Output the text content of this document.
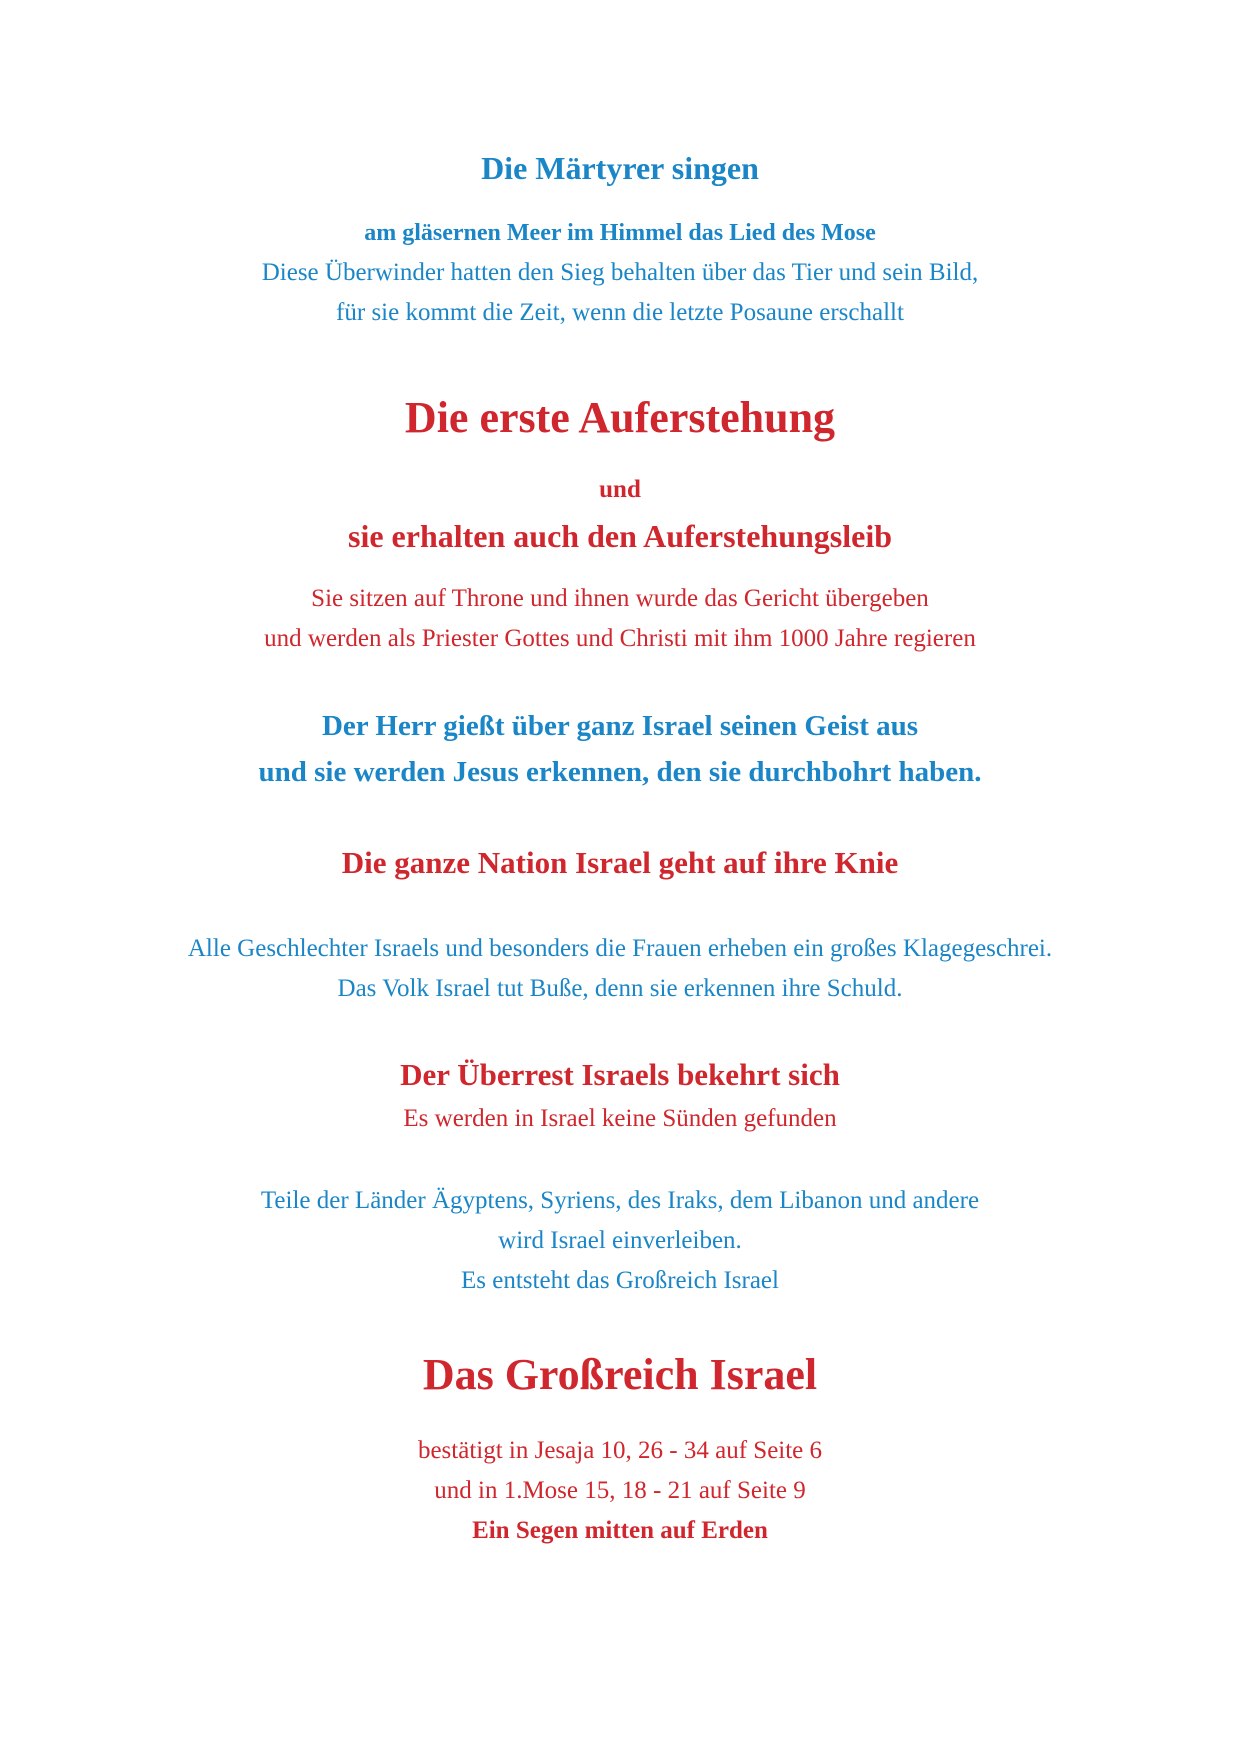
Die Märtyrer singen
am gläsernen Meer im Himmel das Lied des Mose
Diese Überwinder hatten den Sieg behalten über das Tier und sein Bild,
für sie kommt die Zeit, wenn die letzte Posaune erschallt
Die erste Auferstehung
und
sie erhalten auch den Auferstehungsleib
Sie sitzen auf Throne und ihnen wurde das Gericht übergeben
und werden als Priester Gottes und Christi mit ihm 1000 Jahre regieren
Der Herr gießt über ganz Israel seinen Geist aus
und sie werden Jesus erkennen, den sie durchbohrt haben.
Die ganze Nation Israel geht auf ihre Knie
Alle Geschlechter Israels und besonders die Frauen erheben ein großes Klagegeschrei.
Das Volk Israel tut Buße, denn sie erkennen ihre Schuld.
Der Überrest Israels bekehrt sich
Es werden in Israel keine Sünden gefunden
Teile der Länder Ägyptens, Syriens, des Iraks, dem Libanon und andere
wird Israel einverleiben.
Es entsteht das Großreich Israel
Das Großreich Israel
bestätigt in Jesaja 10, 26 - 34 auf Seite 6
und in 1.Mose 15, 18 - 21 auf Seite 9
Ein Segen mitten auf Erden
